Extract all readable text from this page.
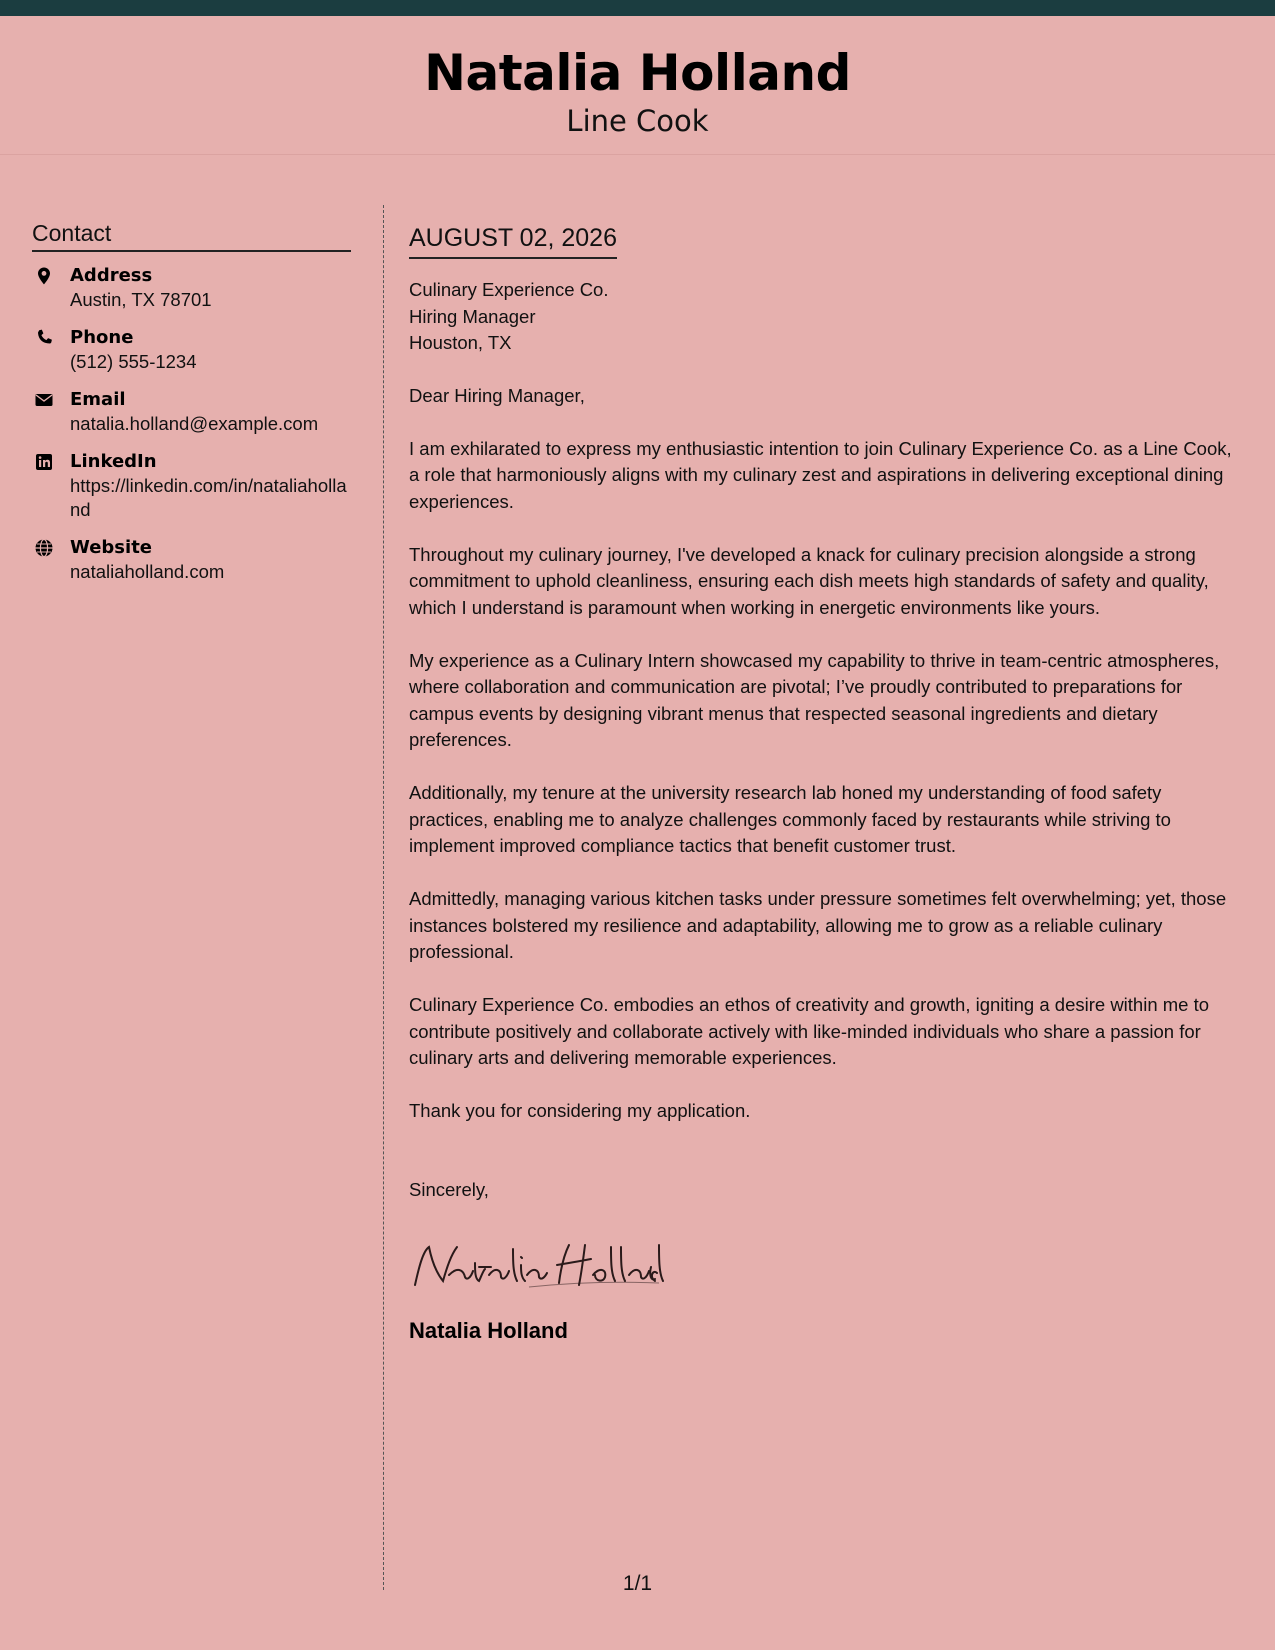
Natalia Holland
Line Cook
Contact
Address
Austin, TX 78701
Phone
(512) 555-1234
Email
natalia.holland@example.com
LinkedIn
https://linkedin.com/in/nataliaholland
Website
nataliaholland.com
AUGUST 02, 2026
Culinary Experience Co.
Hiring Manager
Houston, TX
Dear Hiring Manager,

I am exhilarated to express my enthusiastic intention to join Culinary Experience Co. as a Line Cook, a role that harmoniously aligns with my culinary zest and aspirations in delivering exceptional dining experiences.

Throughout my culinary journey, I've developed a knack for culinary precision alongside a strong commitment to uphold cleanliness, ensuring each dish meets high standards of safety and quality, which I understand is paramount when working in energetic environments like yours.

My experience as a Culinary Intern showcased my capability to thrive in team-centric atmospheres, where collaboration and communication are pivotal; I’ve proudly contributed to preparations for campus events by designing vibrant menus that respected seasonal ingredients and dietary preferences.

Additionally, my tenure at the university research lab honed my understanding of food safety practices, enabling me to analyze challenges commonly faced by restaurants while striving to implement improved compliance tactics that benefit customer trust.

Admittedly, managing various kitchen tasks under pressure sometimes felt overwhelming; yet, those instances bolstered my resilience and adaptability, allowing me to grow as a reliable culinary professional.

Culinary Experience Co. embodies an ethos of creativity and growth, igniting a desire within me to contribute positively and collaborate actively with like-minded individuals who share a passion for culinary arts and delivering memorable experiences.

Thank you for considering my application.

Sincerely,
Natalia Holland
1/1
